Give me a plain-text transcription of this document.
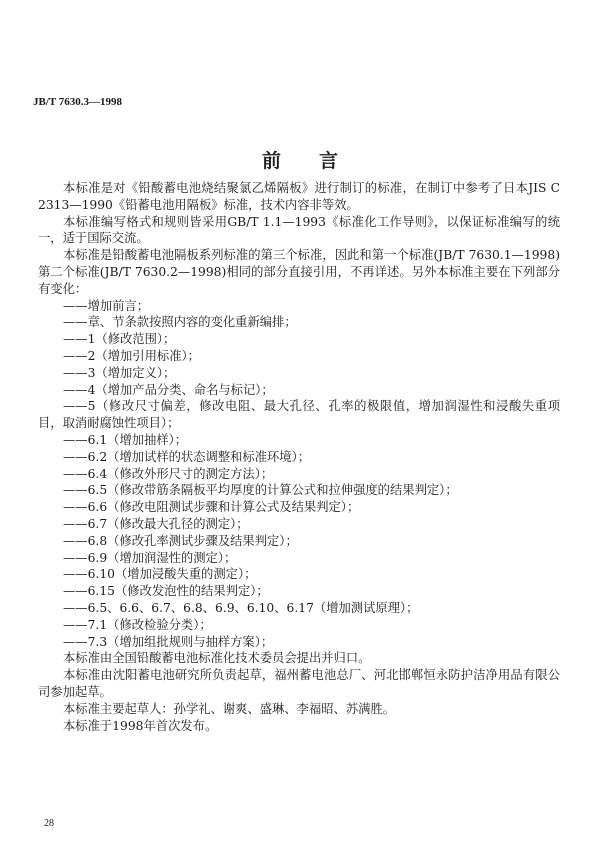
JB/T 7630.3—1998
前言

本标准是对《铅酸蓄电池烧结聚氯乙烯隔板》进行制订的标准，在制订中参考了日本JIS C 2313—1990《铅蓄电池用隔板》标准，技术内容非等效。

本标准编写格式和规则皆采用GB/T 1.1—1993《标准化工作导则》，以保证标准编写的统一，适于国际交流。

本标准是铅酸蓄电池隔板系列标准的第三个标准，因此和第一个标准(JB/T 7630.1—1998)第二个标准(JB/T 7630.2—1998)相同的部分直接引用，不再详述。另外本标准主要在下列部分有变化：

——增加前言；

——章、节条款按照内容的变化重新编排；

——1（修改范围）；

——2（增加引用标准）；

——3（增加定义）；

——4（增加产品分类、命名与标记）；

——5（修改尺寸偏差，修改电阻、最大孔径、孔率的极限值，增加润湿性和浸酸失重项目，取消耐腐蚀性项目）；

——6.1（增加抽样）；

——6.2（增加试样的状态调整和标准环境）；

——6.4（修改外形尺寸的测定方法）；

——6.5（修改带筋条隔板平均厚度的计算公式和拉伸强度的结果判定）；

——6.6（修改电阻测试步骤和计算公式及结果判定）；

——6.7（修改最大孔径的测定）；

——6.8（修改孔率测试步骤及结果判定）；

——6.9（增加润湿性的测定）；

——6.10（增加浸酸失重的测定）；

——6.15（修改发泡性的结果判定）；

——6.5、6.6、6.7、6.8、6.9、6.10、6.17（增加测试原理）；

——7.1（修改检验分类）；

——7.3（增加组批规则与抽样方案）；

本标准由全国铅酸蓄电池标准化技术委员会提出并归口。

本标准由沈阳蓄电池研究所负责起草，福州蓄电池总厂、河北邯郸恒永防护洁净用品有限公司参加起草。

本标准主要起草人：孙学礼、谢爽、盛琳、李福昭、苏满胜。

本标准于1998年首次发布。

28
